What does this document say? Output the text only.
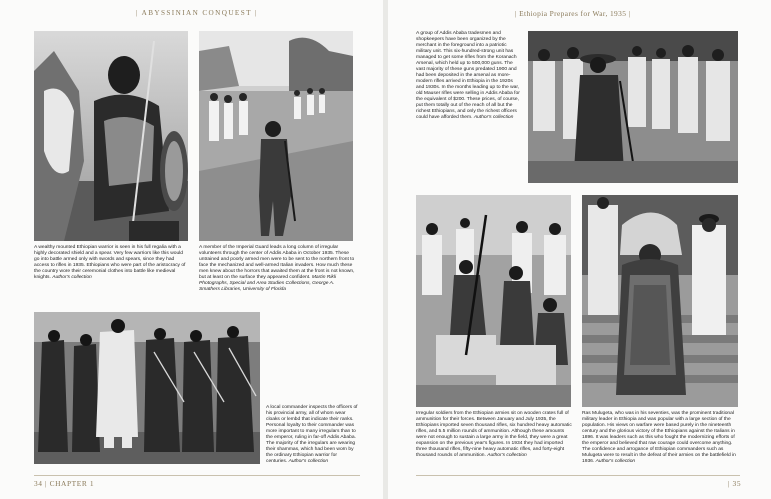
| ABYSSINIAN CONQUEST |
A wealthy mounted Ethiopian warrior is seen in his full regalia with a highly decorated shield and a spear. Very few warriors like this would go into battle armed only with swords and spears, since they had access to rifles in 1935. Ethiopians who were part of the aristocracy of the country wore their ceremonial clothes into battle like medieval knights. Author's collection
A member of the Imperial Guard leads a long column of irregular volunteers through the center of Addis Ababa in October 1935. These untrained and poorly armed men were to be sent to the northern front to face the mechanized and well-armed Italian invaders. How much these men knew about the horrors that awaited them at the front is not known, but at least on the surface they appeared confident. Martin Rikli Photographs, Special and Area Studies Collections, George A. Smathers Libraries, University of Florida
A local commander inspects the officers of his provincial army, all of whom wear cloaks or lembd that indicate their ranks. Personal loyalty to their commander was more important to many irregulars than to the emperor, ruling in far-off Addis Ababa. The majority of the irregulars are wearing their shammas, which had been worn by the ordinary Ethiopian warrior for centuries. Author's collection
34 | CHAPTER 1
| Ethiopia Prepares for War, 1935 |
A group of Addis Ababa tradesmen and shopkeepers have been organized by the merchant in the foreground into a patriotic military unit. This six-hundred-strong unit has managed to get some rifles from the Koranach Arsenal, which held up to 500,000 guns. The vast majority of these guns predated 1900 and had been deposited in the arsenal as more-modern rifles arrived in Ethiopia in the 1920s and 1930s. In the months leading up to the war, old Mauser rifles were selling in Addis Ababa for the equivalent of $200. These prices, of course, put them totally out of the reach of all but the richest Ethiopians, and only the richest officers could have afforded them. Author's collection
Irregular soldiers from the Ethiopian armies sit on wooden crates full of ammunition for their forces. Between January and July 1935, the Ethiopians imported seven thousand rifles, six hundred heavy automatic rifles, and 5.5 million rounds of ammunition. Although these amounts were not enough to sustain a large army in the field, they were a great expansion on the previous year's figures. In 1934 they had imported three thousand rifles, fifty-nine heavy automatic rifles, and forty-eight thousand rounds of ammunition. Author's collection
Ras Mulugeta, who was in his seventies, was the prominent traditional military leader in Ethiopia and was popular with a large section of the population. His views on warfare were based purely in the nineteenth century and the glorious victory of the Ethiopians against the Italians in 1896. It was leaders such as this who fought the modernizing efforts of the emperor and believed that raw courage could overcome anything. The confidence and arrogance of Ethiopian commanders such as Mulugeta were to result in the defeat of their armies on the battlefield in 1936. Author's collection
| 35
